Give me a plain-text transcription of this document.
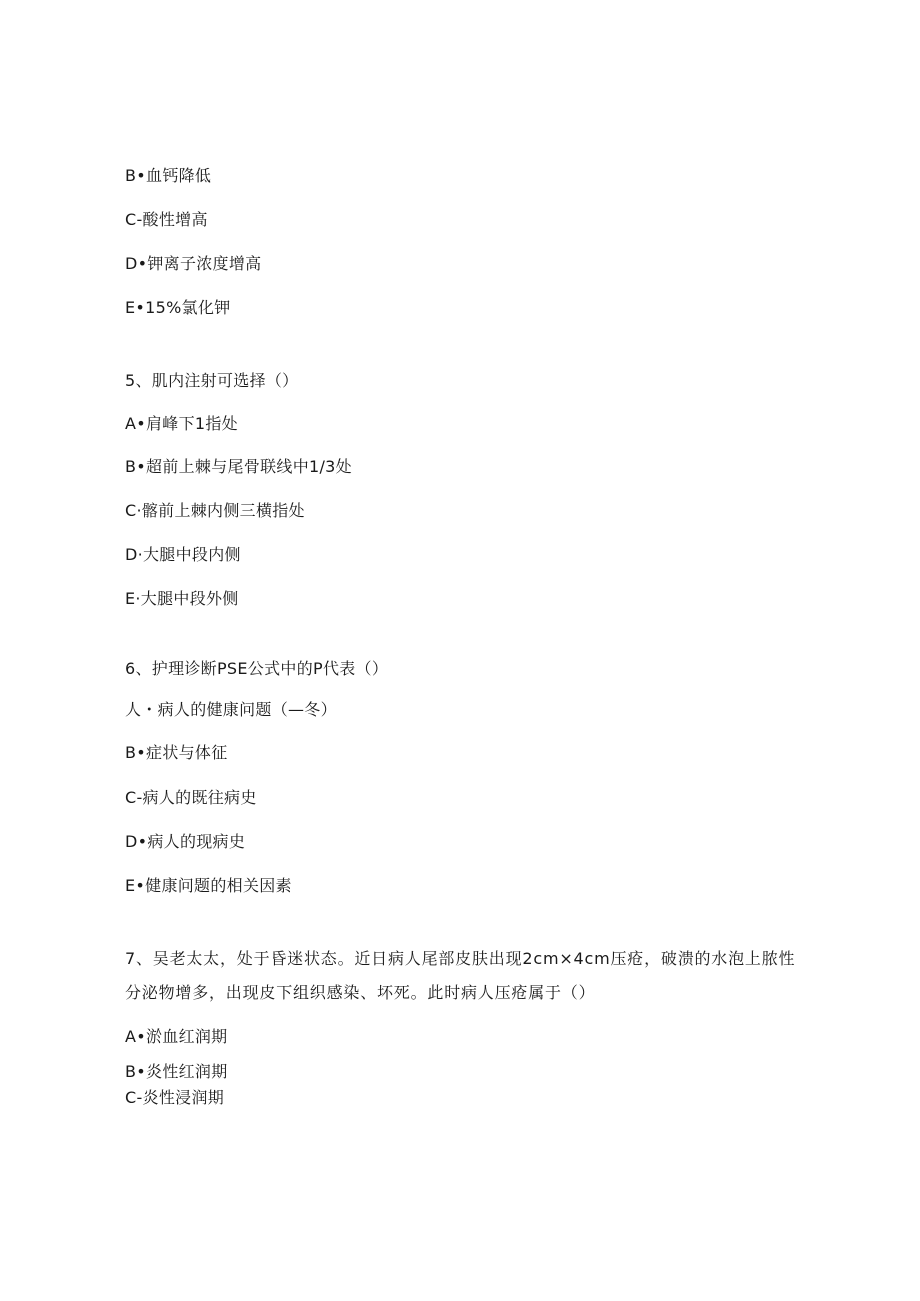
B•血钙降低
C-酸性增高
D•钾离子浓度增高
E•15%氯化钾
5、肌内注射可选择（）
A•肩峰下1指处
B•超前上棘与尾骨联线中1/3处
C·髂前上棘内侧三横指处
D·大腿中段内侧
E·大腿中段外侧
6、护理诊断PSE公式中的P代表（）
人・病人的健康问题（—冬）
B•症状与体征
C-病人的既往病史
D•病人的现病史
E•健康问题的相关因素
7、吴老太太，处于昏迷状态。近日病人尾部皮肤出现2cm×4cm压疮，破溃的水泡上脓性分泌物增多，出现皮下组织感染、坏死。此时病人压疮属于（）
A•淤血红润期
B•炎性红润期
C-炎性浸润期
